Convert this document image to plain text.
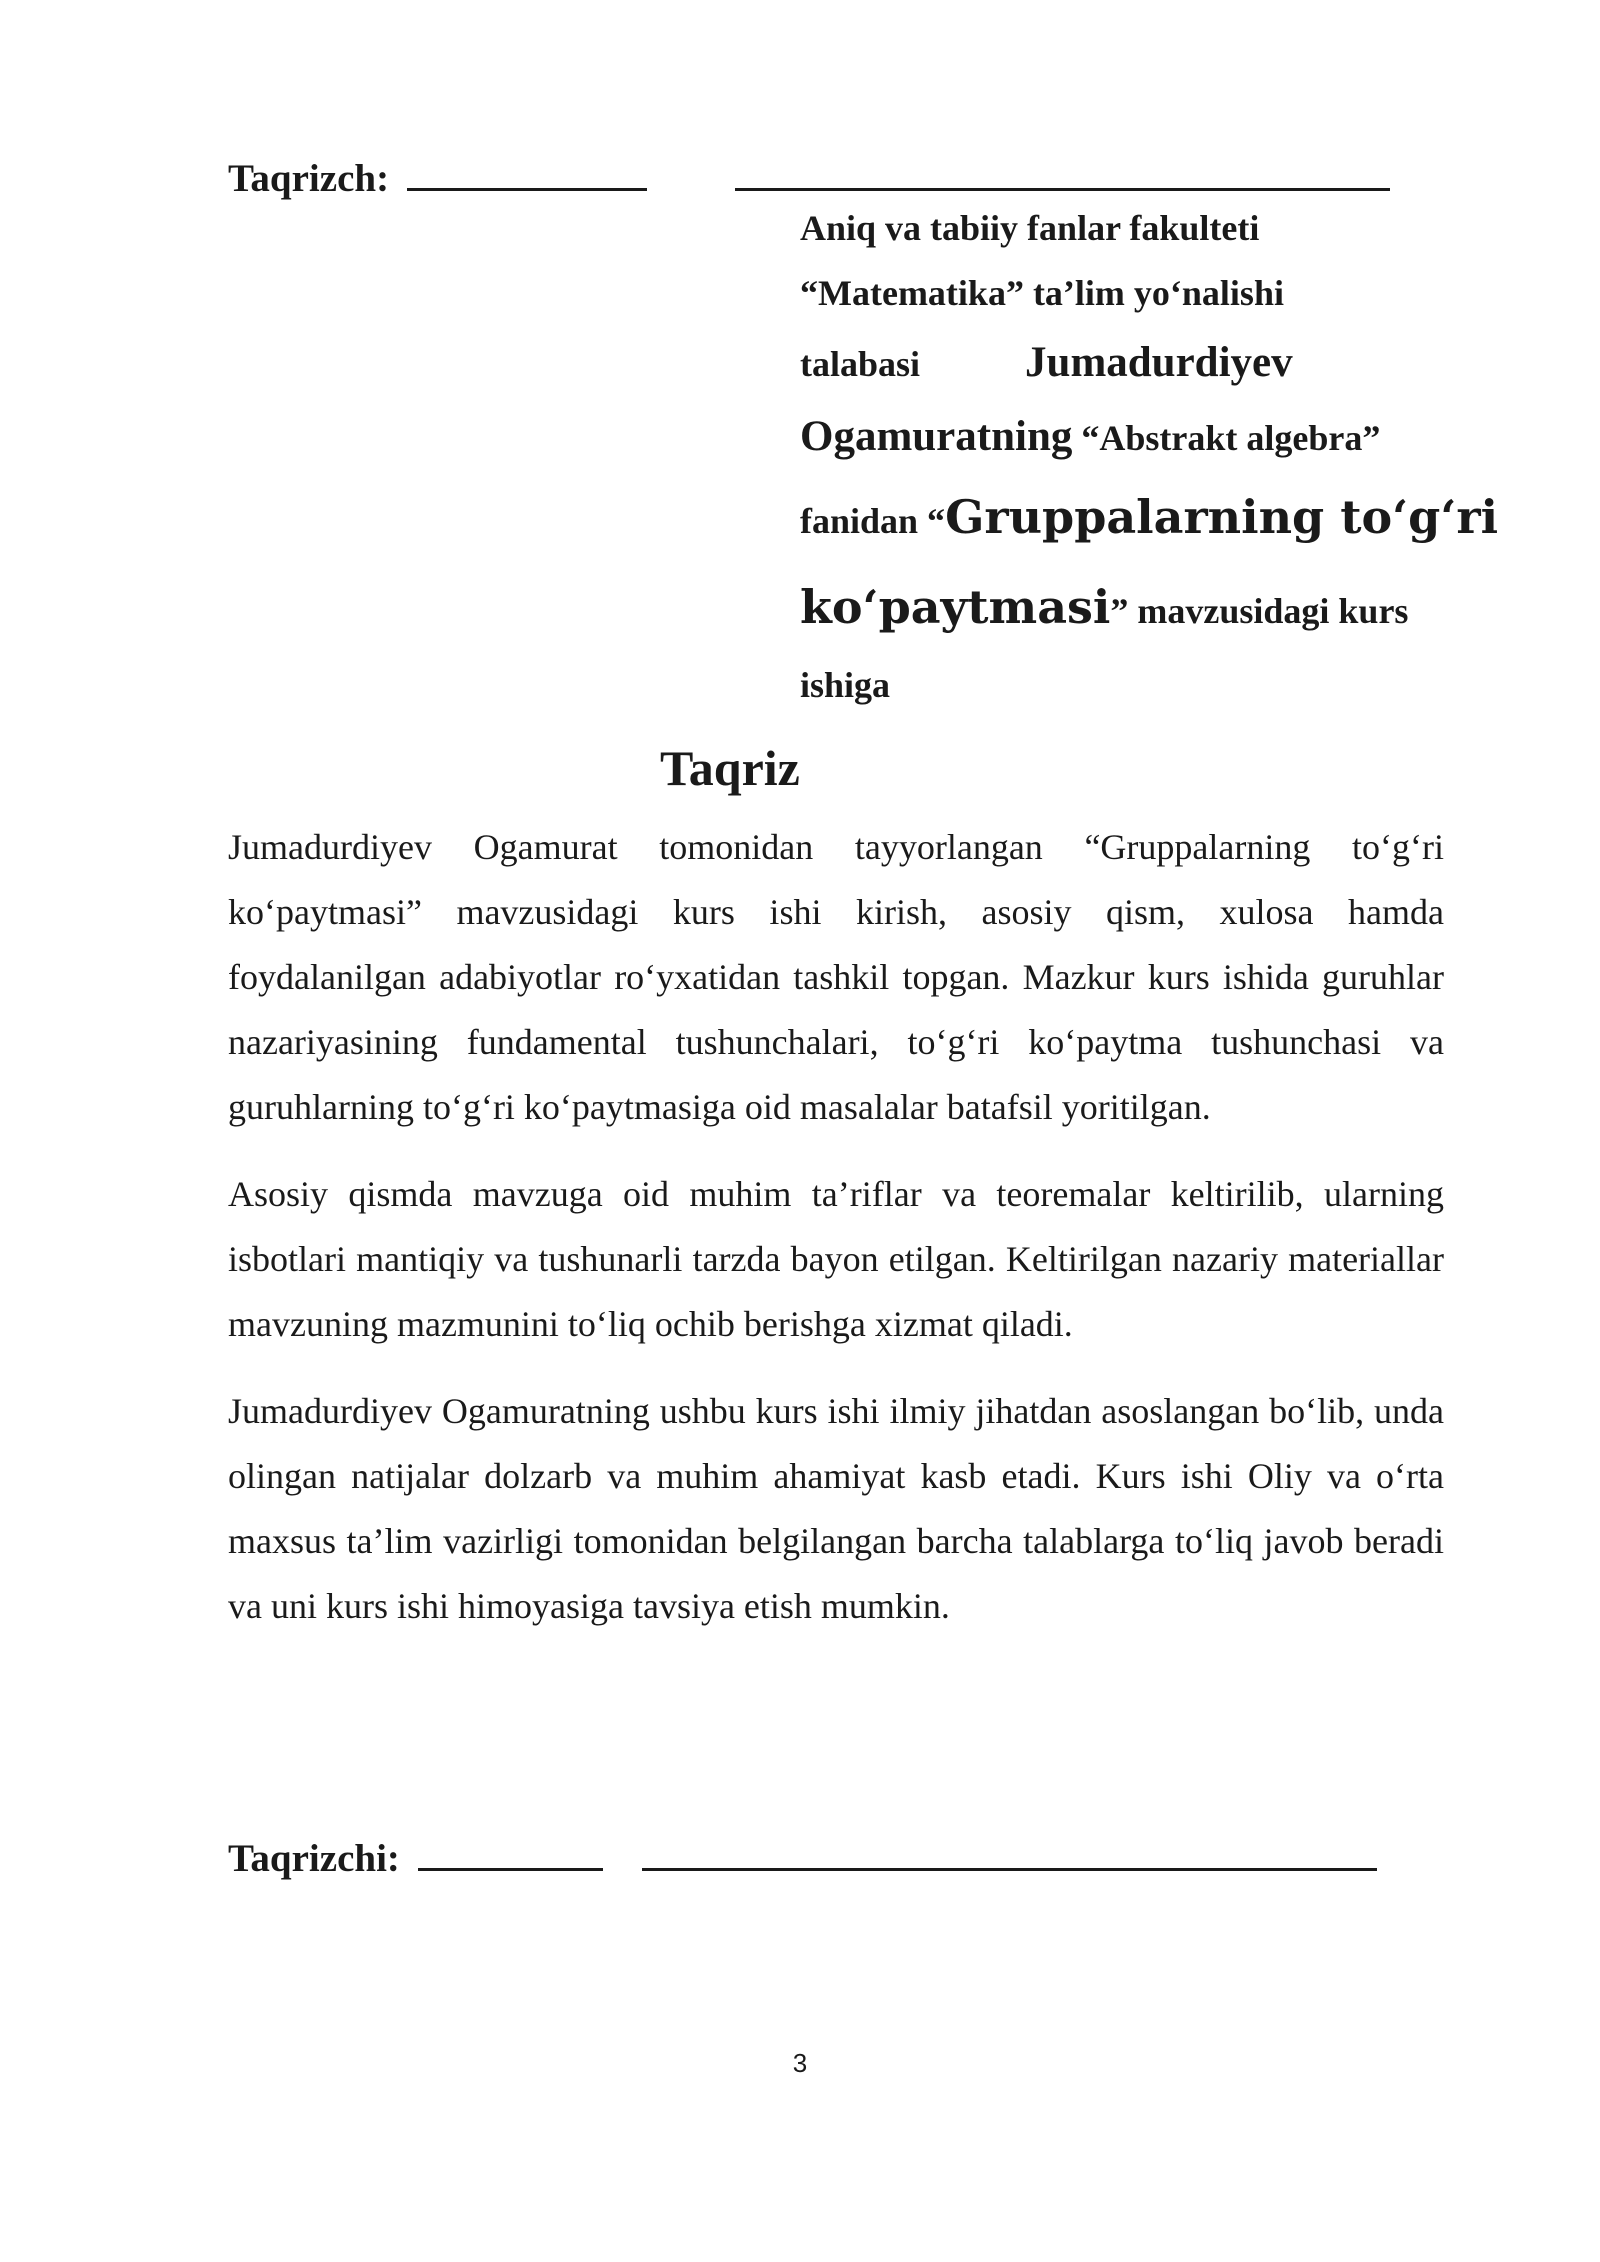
Taqrizch:
Aniq va tabiiy fanlar fakulteti
“Matematika” ta’lim yo‘nalishi
talabasi Jumadurdiyev
Ogamuratning “Abstrakt algebra”
fanidan “Gruppalarning to‘g‘ri
ko‘paytmasi” mavzusidagi kurs
ishiga
Taqriz

Jumadurdiyev Ogamurat tomonidan tayyorlangan “Gruppalarning to‘g‘ri ko‘paytmasi” mavzusidagi kurs ishi kirish, asosiy qism, xulosa hamda foydalanilgan adabiyotlar ro‘yxatidan tashkil topgan. Mazkur kurs ishida guruhlar nazariyasining fundamental tushunchalari, to‘g‘ri ko‘paytma tushunchasi va guruhlarning to‘g‘ri ko‘paytmasiga oid masalalar batafsil yoritilgan.

Asosiy qismda mavzuga oid muhim ta’riflar va teoremalar keltirilib, ularning isbotlari mantiqiy va tushunarli tarzda bayon etilgan. Keltirilgan nazariy materiallar mavzuning mazmunini to‘liq ochib berishga xizmat qiladi.

Jumadurdiyev Ogamuratning ushbu kurs ishi ilmiy jihatdan asoslangan bo‘lib, unda olingan natijalar dolzarb va muhim ahamiyat kasb etadi. Kurs ishi Oliy va o‘rta maxsus ta’lim vazirligi tomonidan belgilangan barcha talablarga to‘liq javob beradi va uni kurs ishi himoyasiga tavsiya etish mumkin.

Taqrizchi:
3
